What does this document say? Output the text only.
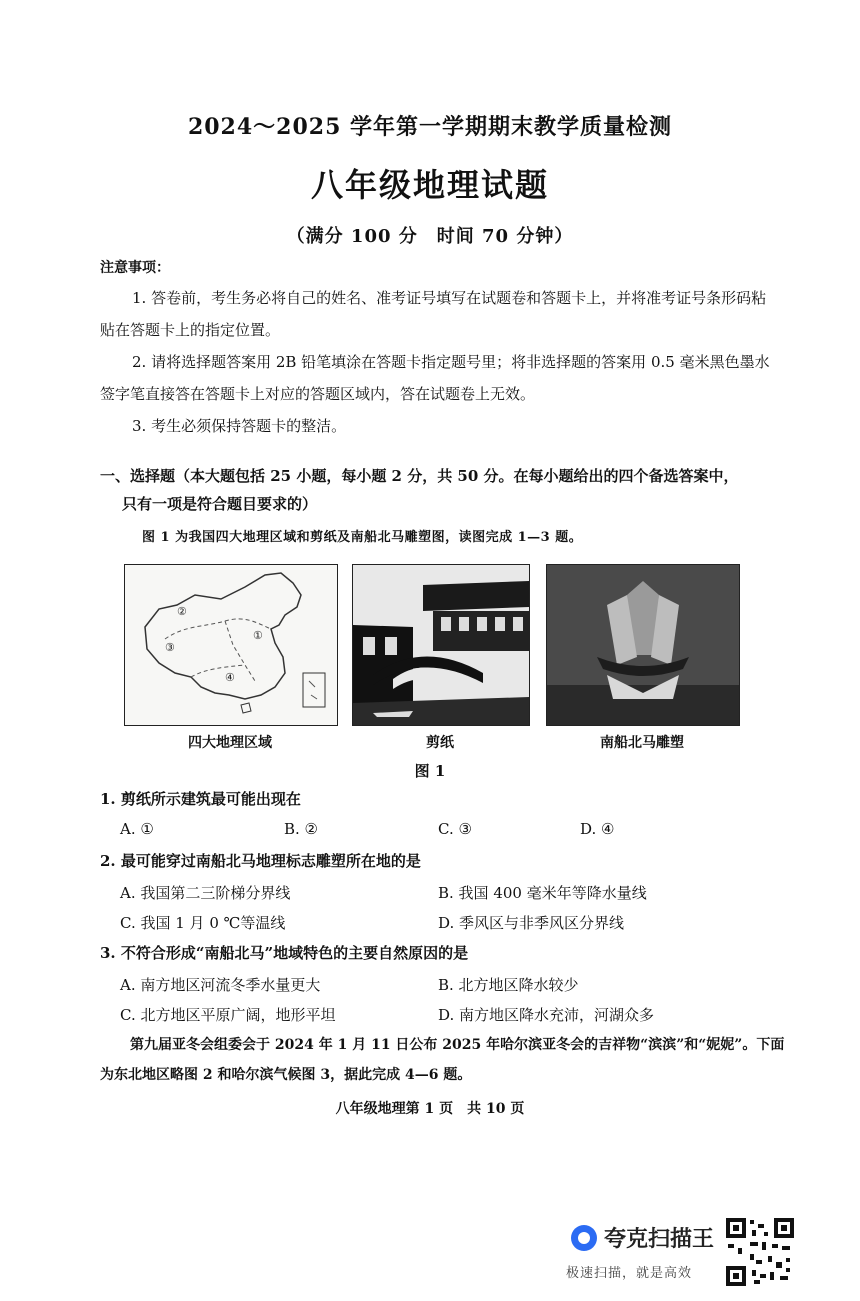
2024～2025 学年第一学期期末教学质量检测
八年级地理试题
（满分 100 分　时间 70 分钟）
注意事项：
1. 答卷前，考生务必将自己的姓名、准考证号填写在试题卷和答题卡上，并将准考证号条形码粘贴在答题卡上的指定位置。
2. 请将选择题答案用 2B 铅笔填涂在答题卡指定题号里；将非选择题的答案用 0.5 毫米黑色墨水签字笔直接答在答题卡上对应的答题区域内，答在试题卷上无效。
3. 考生必须保持答题卡的整洁。
一、选择题（本大题包括 25 小题，每小题 2 分，共 50 分。在每小题给出的四个备选答案中，
只有一项是符合题目要求的）
图 1 为我国四大地理区域和剪纸及南船北马雕塑图，读图完成 1—3 题。
②
③
①
④
四大地理区域	剪纸	南船北马雕塑
图 1
1. 剪纸所示建筑最可能出现在
A. ①	B. ②	C. ③	D. ④
2. 最可能穿过南船北马地理标志雕塑所在地的是
A. 我国第二三阶梯分界线	B. 我国 400 毫米年等降水量线
C. 我国 1 月 0 ℃等温线	D. 季风区与非季风区分界线
3. 不符合形成“南船北马”地域特色的主要自然原因的是
A. 南方地区河流冬季水量更大	B. 北方地区降水较少
C. 北方地区平原广阔，地形平坦	D. 南方地区降水充沛，河湖众多
第九届亚冬会组委会于 2024 年 1 月 11 日公布 2025 年哈尔滨亚冬会的吉祥物“滨滨”和“妮妮”。下面为东北地区略图 2 和哈尔滨气候图 3，据此完成 4—6 题。
八年级地理第 1 页　共 10 页
夸克扫描王
极速扫描，就是高效
